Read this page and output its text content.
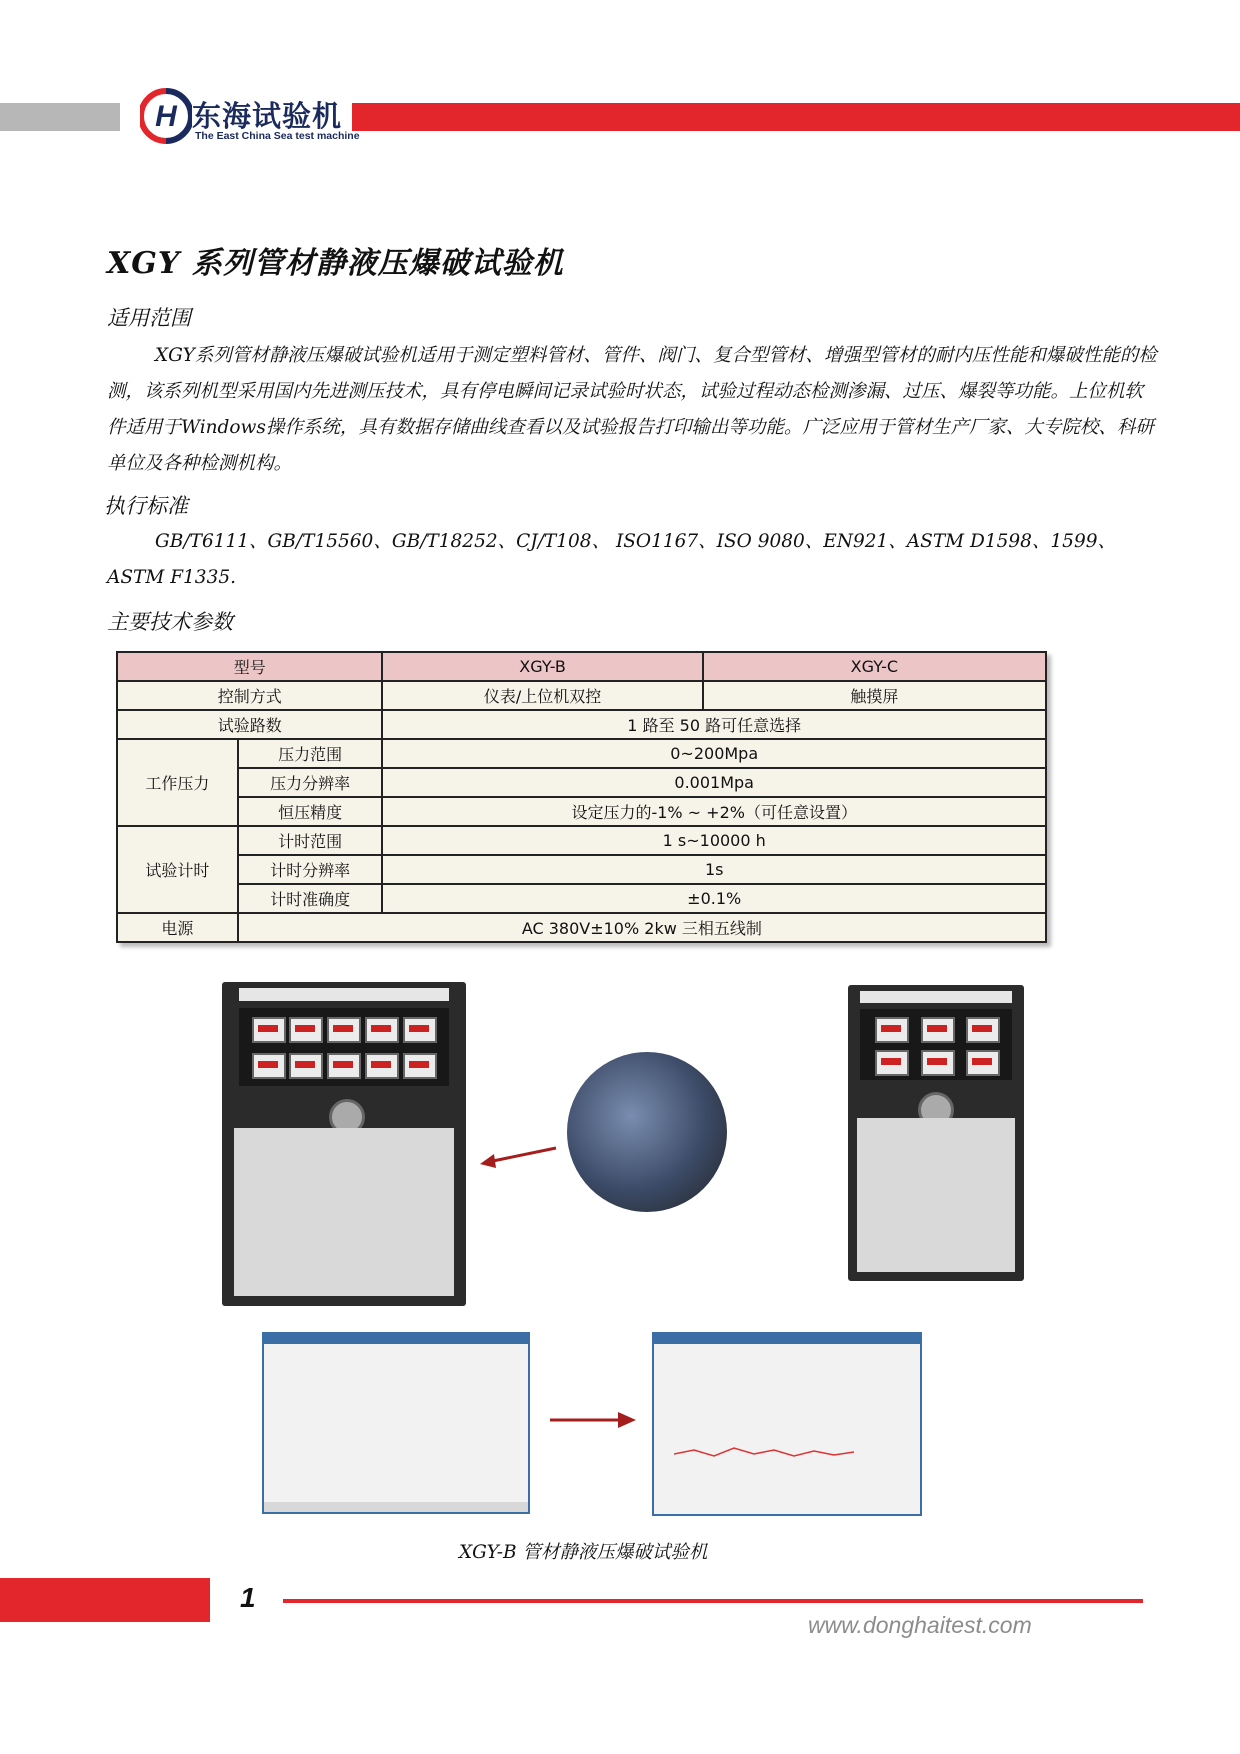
H 东海试验机
The East China Sea test machine
XGY 系列管材静液压爆破试验机
适用范围

XGY系列管材静液压爆破试验机适用于测定塑料管材、管件、阀门、复合型管材、增强型管材的耐内压性能和爆破性能的检测，该系列机型采用国内先进测压技术，具有停电瞬间记录试验时状态，试验过程动态检测渗漏、过压、爆裂等功能。上位机软件适用于Windows操作系统，具有数据存储曲线查看以及试验报告打印输出等功能。广泛应用于管材生产厂家、大专院校、科研单位及各种检测机构。

执行标准

GB/T6111、GB/T15560、GB/T18252、CJ/T108、 ISO1167、ISO 9080、EN921、ASTM D1598、1599、ASTM F1335.

主要技术参数
型号		XGY-B	XGY-C
控制方式		仪表/上位机双控	触摸屏
试验路数		1 路至 50 路可任意选择	
工作压力	压力范围	0~200Mpa	
	压力分辨率	0.001Mpa	
	恒压精度	设定压力的-1% ~ +2%（可任意设置）	
试验计时	计时范围	1 s~10000 h	
	计时分辨率	1s	
	计时准确度	±0.1%	
电源	AC 380V±10% 2kw 三相五线制		
XGY-B 管材静液压爆破试验机
1
www.donghaitest.com
